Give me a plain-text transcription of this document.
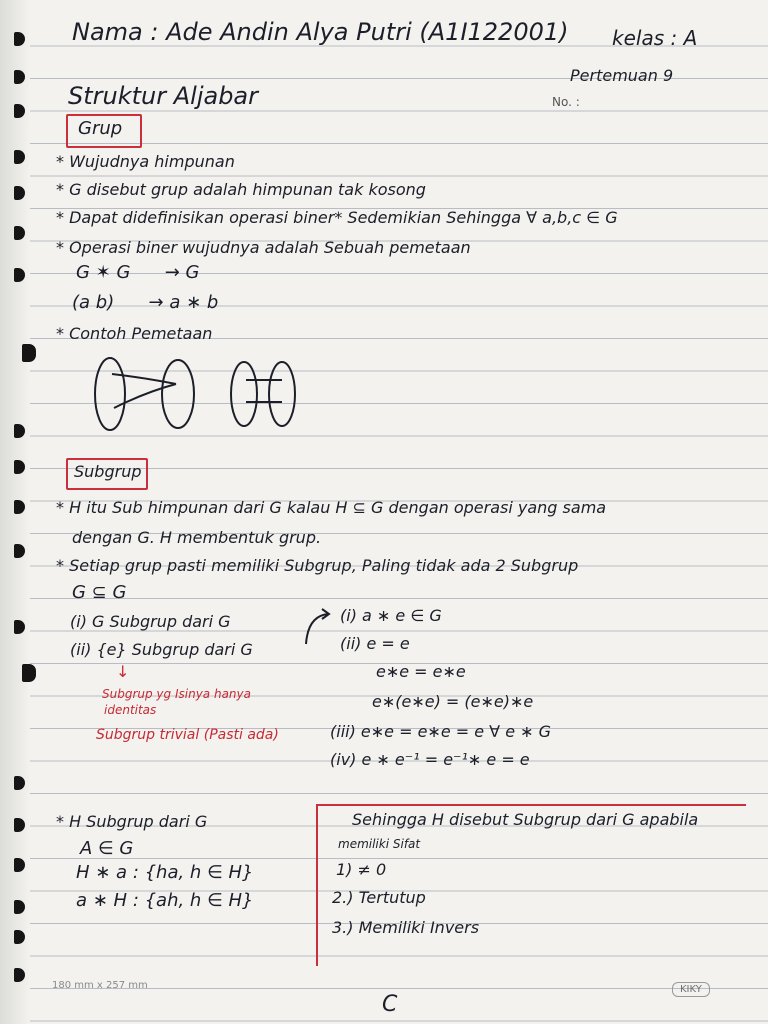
Nama : Ade Andin Alya Putri (A1I122001) kelas : A
Pertemuan 9
No. :
Struktur Aljabar
Grup
* Wujudnya himpunan
* G disebut grup adalah himpunan tak kosong
* Dapat didefinisikan operasi biner* Sedemikian Sehingga ∀ a,b,c ∈ G
* Operasi biner wujudnya adalah Sebuah pemetaan
G ✶ G      → G
(a b)      → a ∗ b
* Contoh Pemetaan
Subgrup
* H itu Sub himpunan dari G kalau H ⊆ G dengan operasi yang sama
dengan G. H membentuk grup.
* Setiap grup pasti memiliki Subgrup, Paling tidak ada 2 Subgrup
G ⊆ G
(i) G Subgrup dari G
(ii) {e} Subgrup dari G
↓
Subgrup yg Isinya hanya
identitas
Subgrup trivial (Pasti ada)
(i) a ∗ e ∈ G
(ii) e = e
e∗e = e∗e
e∗(e∗e) = (e∗e)∗e
(iii) e∗e = e∗e = e ∀ e ∗ G
(iv) e ∗ e⁻¹ = e⁻¹∗ e = e
* H Subgrup dari G
A ∈ G
H ∗ a : {ha, h ∈ H}
a ∗ H : {ah, h ∈ H}
Sehingga H disebut Subgrup dari G apabila
memiliki Sifat
1) ≠ 0
2.) Tertutup
3.) Memiliki Invers
180 mm x 257 mm	KIKY
C
